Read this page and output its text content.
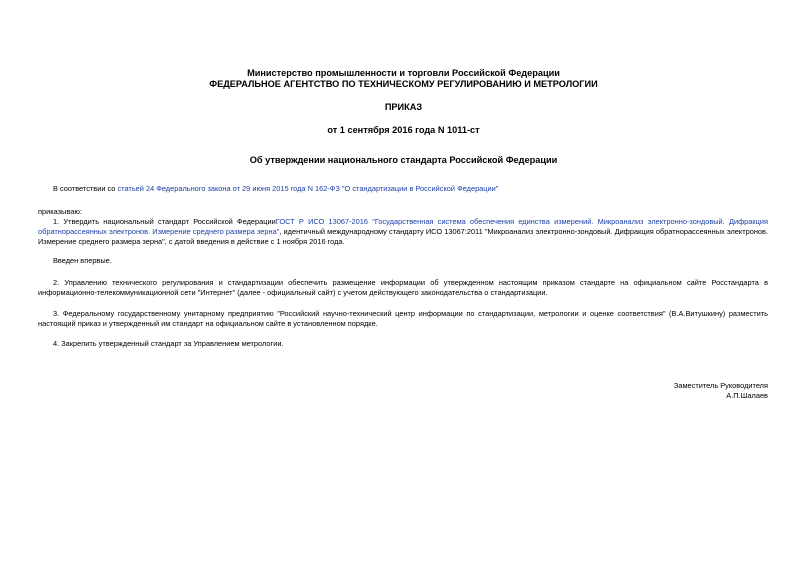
Министерство промышленности и торговли Российской Федерации
ФЕДЕРАЛЬНОЕ АГЕНТСТВО ПО ТЕХНИЧЕСКОМУ РЕГУЛИРОВАНИЮ И МЕТРОЛОГИИ
ПРИКАЗ
от 1 сентября 2016 года N 1011-ст
Об утверждении национального стандарта Российской Федерации
В соответствии со статьей 24 Федерального закона от 29 июня 2015 года N 162-ФЗ "О стандартизации в Российской Федерации"
приказываю:
1. Утвердить национальный стандарт Российской ФедерацииГОСТ Р ИСО 13067-2016 "Государственная система обеспечения единства измерений. Микроанализ электронно-зондовый. Дифракция обратнорассеянных электронов. Измерение среднего размера зерна", идентичный международному стандарту ИСО 13067:2011 "Микроанализ электронно-зондовый. Дифракция обратнорассеянных электронов. Измерение среднего размера зерна", с датой введения в действие с 1 ноября 2016 года.
Введен впервые.
2. Управлению технического регулирования и стандартизации обеспечить размещение информации об утвержденном настоящим приказом стандарте на официальном сайте Росстандарта в информационно-телекоммуникационной сети "Интернет" (далее - официальный сайт) с учетом действующего законодательства о стандартизации.
3. Федеральному государственному унитарному предприятию "Российский научно-технический центр информации по стандартизации, метрологии и оценке соответствия" (В.А.Витушкину) разместить настоящий приказ и утвержденный им стандарт на официальном сайте в установленном порядке.
4. Закрепить утвержденный стандарт за Управлением метрологии.
Заместитель Руководителя
А.П.Шалаев
